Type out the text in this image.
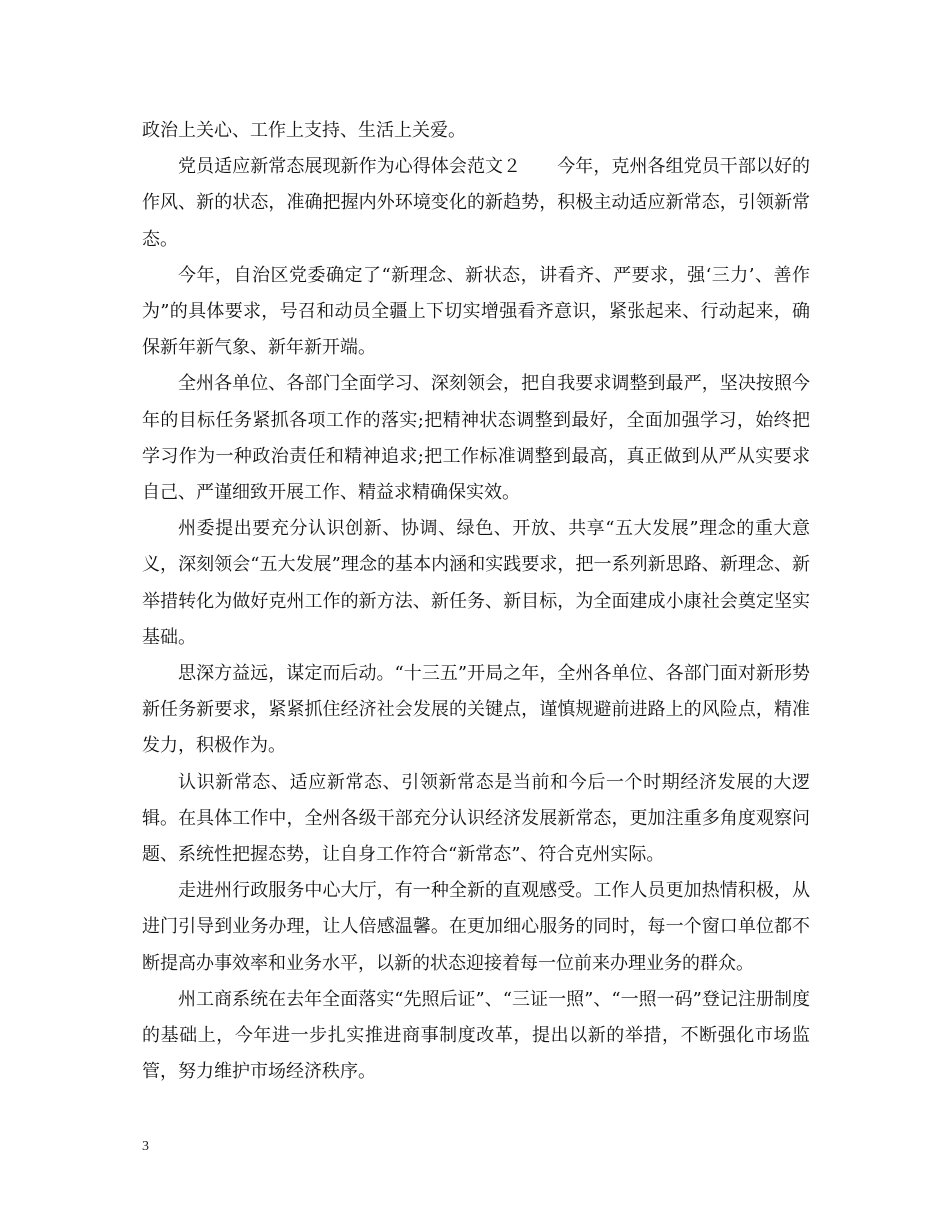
政治上关心、工作上支持、生活上关爱。

党员适应新常态展现新作为心得体会范文２　　今年，克州各组党员干部以好的作风、新的状态，准确把握内外环境变化的新趋势，积极主动适应新常态，引领新常态。

今年，自治区党委确定了“新理念、新状态，讲看齐、严要求，强‘三力’、善作为”的具体要求，号召和动员全疆上下切实增强看齐意识，紧张起来、行动起来，确保新年新气象、新年新开端。

全州各单位、各部门全面学习、深刻领会，把自我要求调整到最严，坚决按照今年的目标任务紧抓各项工作的落实;把精神状态调整到最好，全面加强学习，始终把学习作为一种政治责任和精神追求;把工作标准调整到最高，真正做到从严从实要求自己、严谨细致开展工作、精益求精确保实效。

州委提出要充分认识创新、协调、绿色、开放、共享“五大发展”理念的重大意义，深刻领会“五大发展”理念的基本内涵和实践要求，把一系列新思路、新理念、新举措转化为做好克州工作的新方法、新任务、新目标，为全面建成小康社会奠定坚实基础。

思深方益远，谋定而后动。“十三五”开局之年，全州各单位、各部门面对新形势新任务新要求，紧紧抓住经济社会发展的关键点，谨慎规避前进路上的风险点，精准发力，积极作为。

认识新常态、适应新常态、引领新常态是当前和今后一个时期经济发展的大逻辑。在具体工作中，全州各级干部充分认识经济发展新常态，更加注重多角度观察问题、系统性把握态势，让自身工作符合“新常态”、符合克州实际。

走进州行政服务中心大厅，有一种全新的直观感受。工作人员更加热情积极，从进门引导到业务办理，让人倍感温馨。在更加细心服务的同时，每一个窗口单位都不断提高办事效率和业务水平，以新的状态迎接着每一位前来办理业务的群众。

州工商系统在去年全面落实“先照后证”、“三证一照”、“一照一码”登记注册制度的基础上，今年进一步扎实推进商事制度改革，提出以新的举措，不断强化市场监管，努力维护市场经济秩序。

3
